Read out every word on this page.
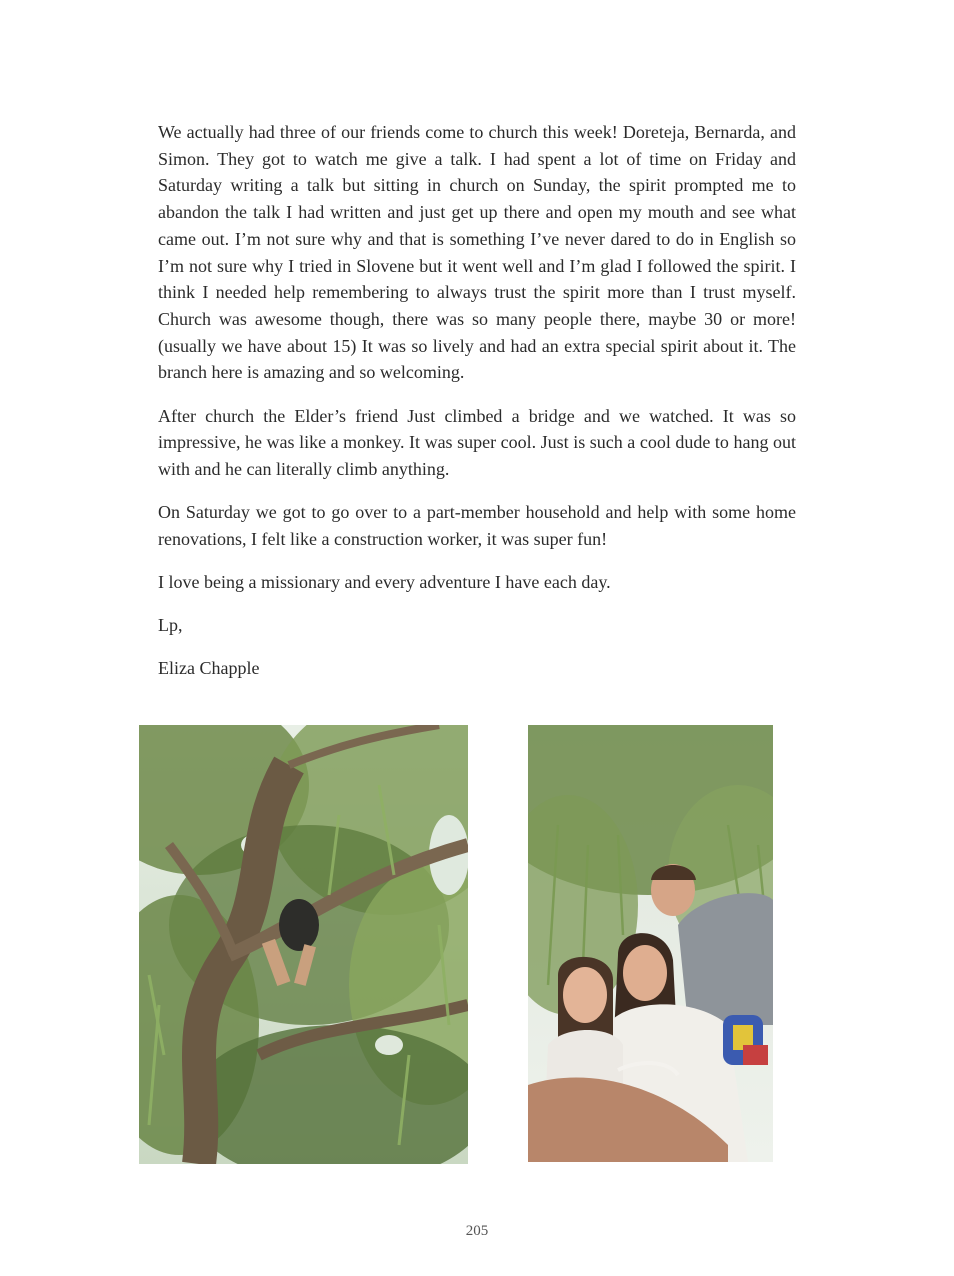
We actually had three of our friends come to church this week! Doreteja, Bernarda, and Simon. They got to watch me give a talk. I had spent a lot of time on Friday and Saturday writing a talk but sitting in church on Sunday, the spirit prompted me to abandon the talk I had written and just get up there and open my mouth and see what came out. I’m not sure why and that is something I’ve never dared to do in English so I’m not sure why I tried in Slovene but it went well and I’m glad I followed the spirit. I think I needed help remembering to always trust the spirit more than I trust myself. Church was awesome though, there was so many people there, maybe 30 or more! (usually we have about 15) It was so lively and had an extra special spirit about it. The branch here is amazing and so welcoming.

After church the Elder’s friend Just climbed a bridge and we watched. It was so impressive, he was like a monkey. It was super cool. Just is such a cool dude to hang out with and he can literally climb anything.

On Saturday we got to go over to a part-member household and help with some home renovations, I felt like a construction worker, it was super fun!

I love being a missionary and every adventure I have each day.

Lp,

Eliza Chapple

205
